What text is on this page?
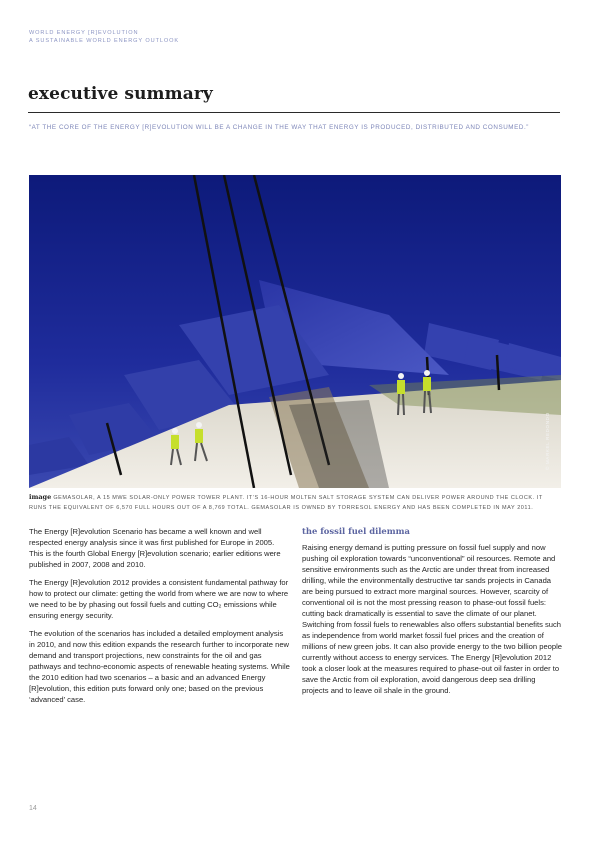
WORLD ENERGY [R]EVOLUTION
A SUSTAINABLE WORLD ENERGY OUTLOOK
executive summary
“AT THE CORE OF THE ENERGY [R]EVOLUTION WILL BE A CHANGE IN THE WAY THAT ENERGY IS PRODUCED, DISTRIBUTED AND CONSUMED.”
© MARKEL REDONDO
image GEMASOLAR, A 15 MWE SOLAR-ONLY POWER TOWER PLANT. IT’S 16-HOUR MOLTEN SALT STORAGE SYSTEM CAN DELIVER POWER AROUND THE CLOCK. IT RUNS THE EQUIVALENT OF 6,570 FULL HOURS OUT OF A 8,769 TOTAL. GEMASOLAR IS OWNED BY TORRESOL ENERGY AND HAS BEEN COMPLETED IN MAY 2011.

The Energy [R]evolution Scenario has became a well known and well respected energy analysis since it was first published for Europe in 2005. This is the fourth Global Energy [R]evolution scenario; earlier editions were published in 2007, 2008 and 2010.

The Energy [R]evolution 2012 provides a consistent fundamental pathway for how to protect our climate: getting the world from where we are now to where we need to be by phasing out fossil fuels and cutting CO₂ emissions while ensuring energy security.

The evolution of the scenarios has included a detailed employment analysis in 2010, and now this edition expands the research further to incorporate new demand and transport projections, new constraints for the oil and gas pathways and techno-economic aspects of renewable heating systems. While the 2010 edition had two scenarios – a basic and an advanced Energy [R]evolution, this edition puts forward only one; based on the previous ‘advanced’ case.

the fossil fuel dilemma

Raising energy demand is putting pressure on fossil fuel supply and now pushing oil exploration towards “unconventional” oil resources. Remote and sensitive environments such as the Arctic are under threat from increased drilling, while the environmentally destructive tar sands projects in Canada are being pursued to extract more marginal sources. However, scarcity of conventional oil is not the most pressing reason to phase-out fossil fuels: cutting back dramatically is essential to save the climate of our planet. Switching from fossil fuels to renewables also offers substantial benefits such as independence from world market fossil fuel prices and the creation of millions of new green jobs. It can also provide energy to the two billion people currently without access to energy services. The Energy [R]evolution 2012 took a closer look at the measures required to phase-out oil faster in order to save the Arctic from oil exploration, avoid dangerous deep sea drilling projects and to leave oil shale in the ground.

14
